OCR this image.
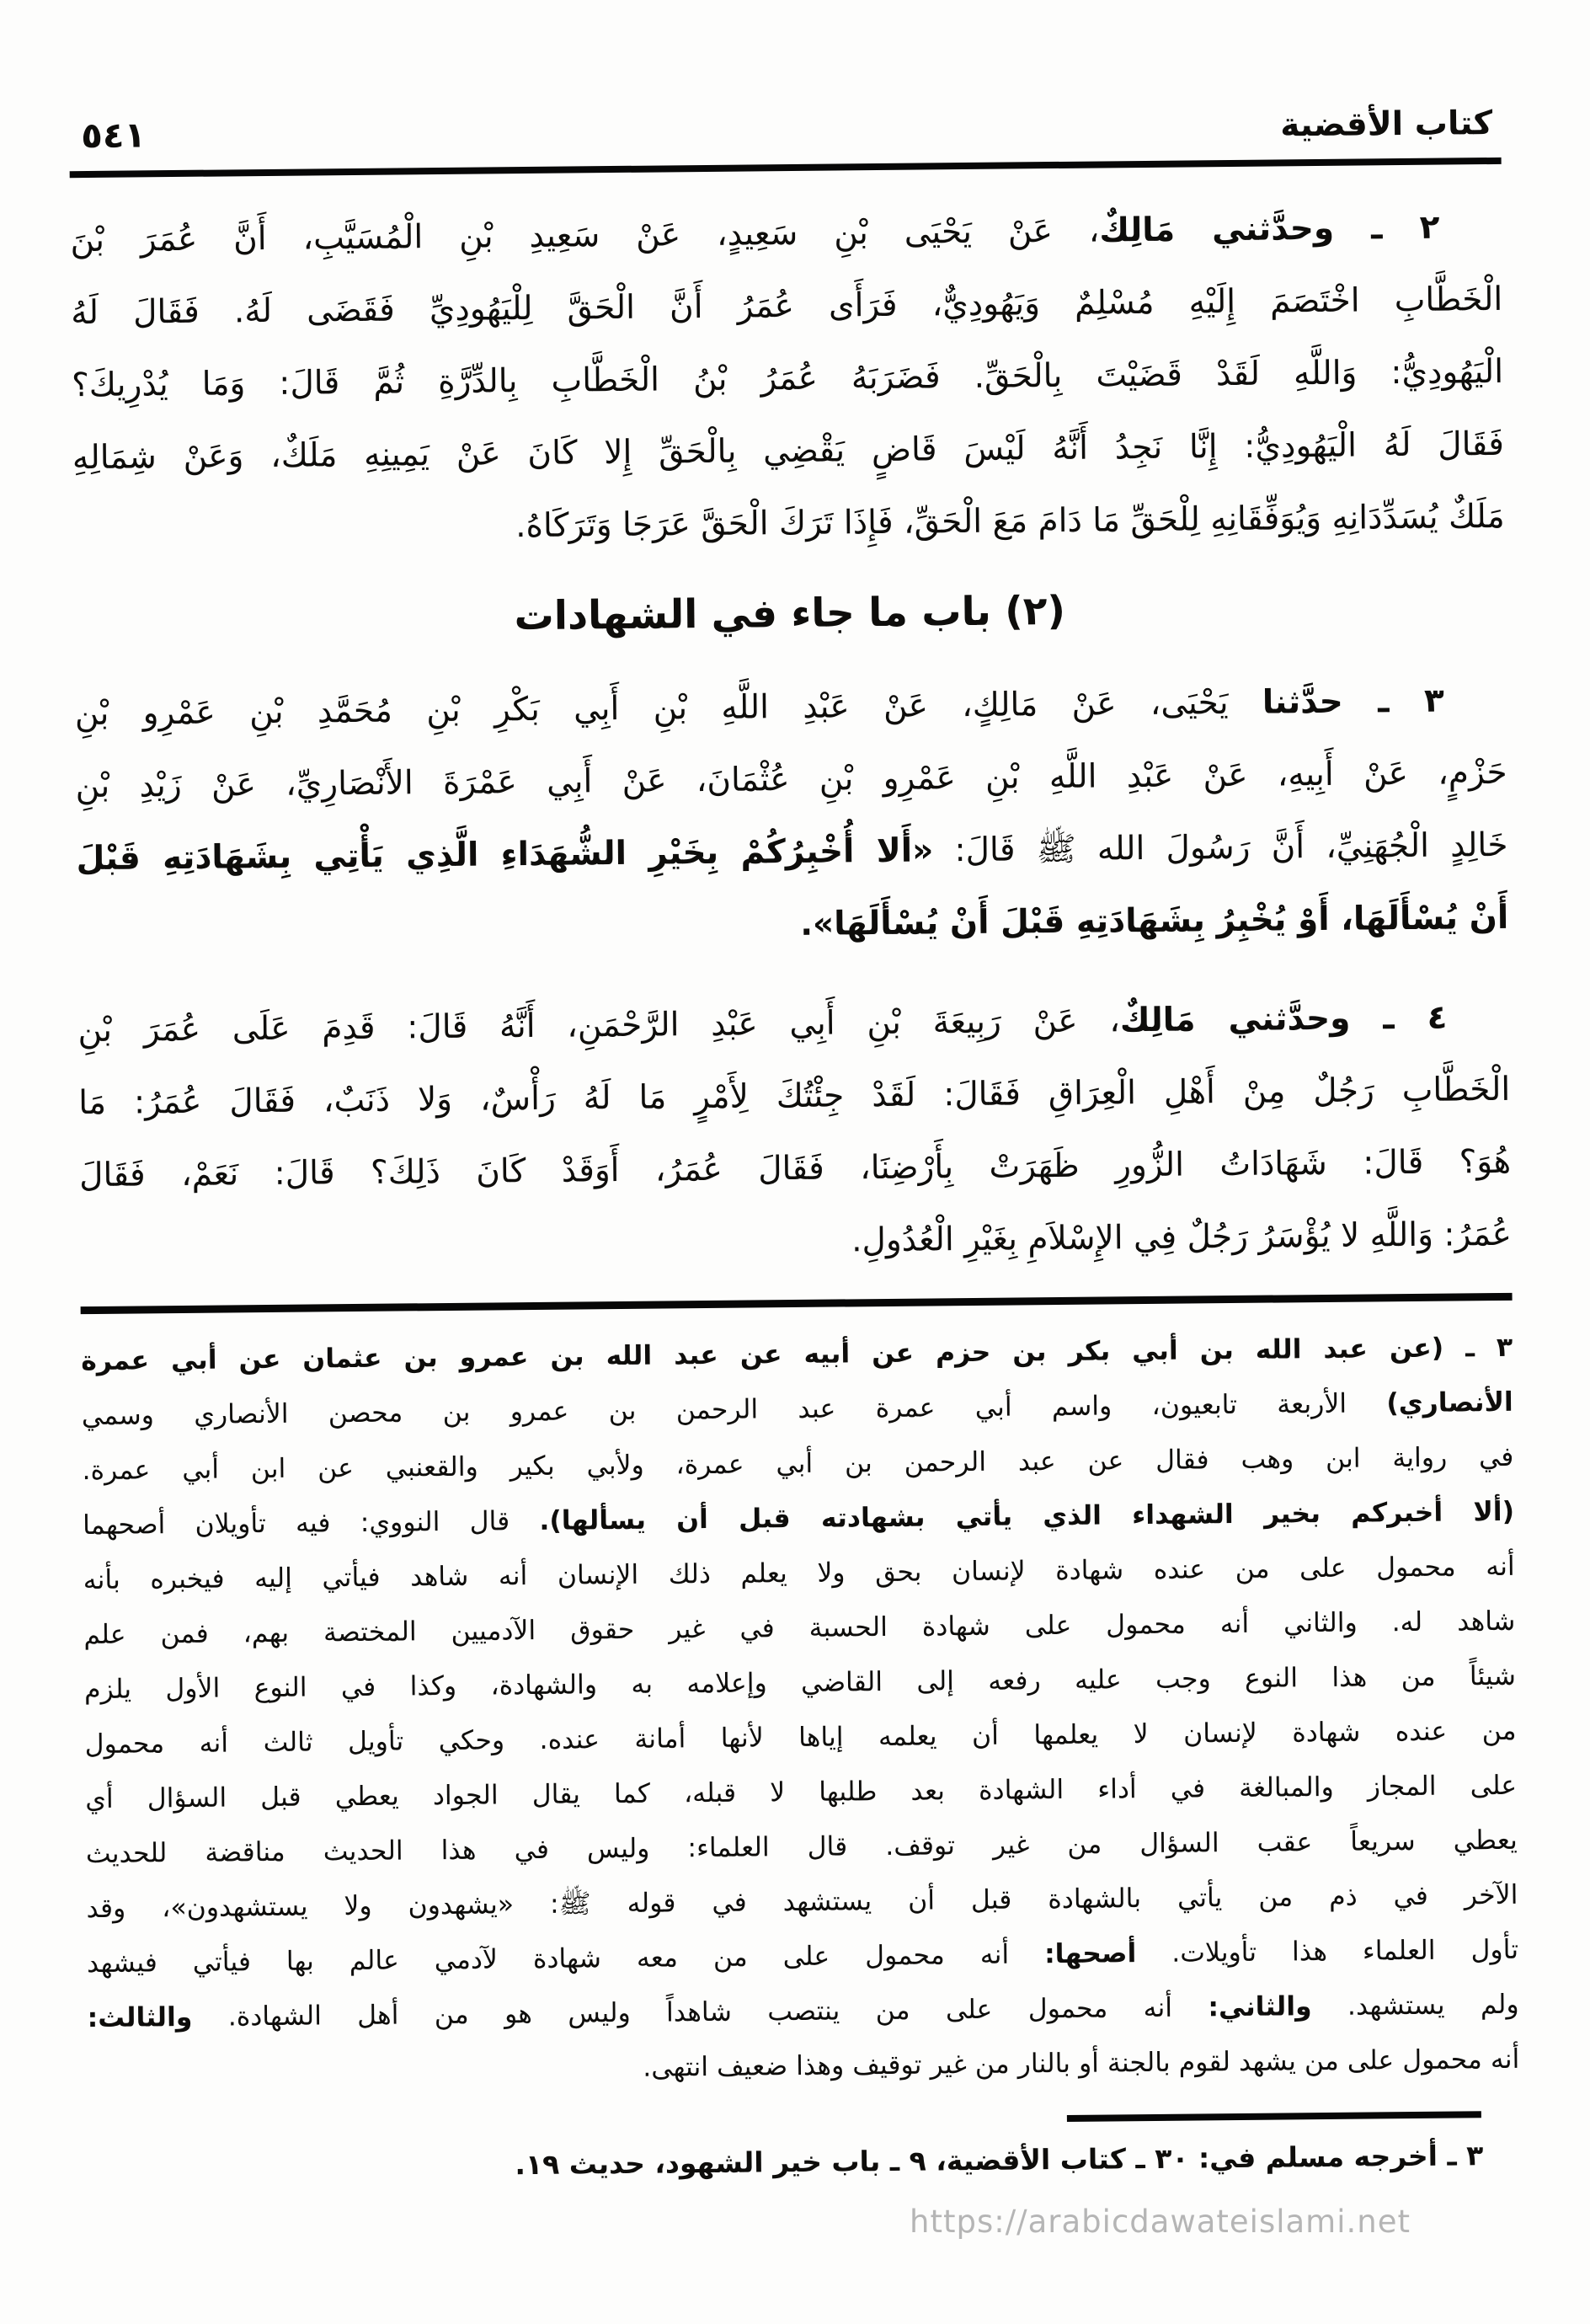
كتاب الأقضية
٥٤١
٢ ـ وحدَّثني مَالِكٌ، عَنْ يَحْيَى بْنِ سَعِيدٍ، عَنْ سَعِيدِ بْنِ الْمُسَيَّبِ، أَنَّ عُمَرَ بْنَ
الْخَطَّابِ اخْتَصَمَ إِلَيْهِ مُسْلِمٌ وَيَهُودِيٌّ، فَرَأَى عُمَرُ أَنَّ الْحَقَّ لِلْيَهُودِيِّ فَقَضَى لَهُ. فَقَالَ لَهُ
الْيَهُودِيُّ: وَاللَّهِ لَقَدْ قَضَيْتَ بِالْحَقِّ. فَضَرَبَهُ عُمَرُ بْنُ الْخَطَّابِ بِالدِّرَّةِ ثُمَّ قَالَ: وَمَا يُدْرِيكَ؟
فَقَالَ لَهُ الْيَهُودِيُّ: إِنَّا نَجِدُ أَنَّهُ لَيْسَ قَاضٍ يَقْضِي بِالْحَقِّ إِلا كَانَ عَنْ يَمِينِهِ مَلَكٌ، وَعَنْ شِمَالِهِ
مَلَكٌ يُسَدِّدَانِهِ وَيُوَفِّقَانِهِ لِلْحَقِّ مَا دَامَ مَعَ الْحَقِّ، فَإِذَا تَرَكَ الْحَقَّ عَرَجَا وَتَرَكَاهُ.
(٢) باب ما جاء في الشهادات
٣ ـ حدَّثنا يَحْيَى، عَنْ مَالِكٍ، عَنْ عَبْدِ اللَّهِ بْنِ أَبِي بَكْرِ بْنِ مُحَمَّدِ بْنِ عَمْرِو بْنِ
حَزْمٍ، عَنْ أَبِيهِ، عَنْ عَبْدِ اللَّهِ بْنِ عَمْرِو بْنِ عُثْمَانَ، عَنْ أَبِي عَمْرَةَ الأَنْصَارِيِّ، عَنْ زَيْدِ بْنِ
خَالِدٍ الْجُهَنِيِّ، أَنَّ رَسُولَ الله ﷺ قَالَ: «أَلا أُخْبِرُكُمْ بِخَيْرِ الشُّهَدَاءِ الَّذِي يَأْتِي بِشَهَادَتِهِ قَبْلَ
أَنْ يُسْأَلَهَا، أَوْ يُخْبِرُ بِشَهَادَتِهِ قَبْلَ أَنْ يُسْأَلَهَا».
٤ ـ وحدَّثني مَالِكٌ، عَنْ رَبِيعَةَ بْنِ أَبِي عَبْدِ الرَّحْمَنِ، أَنَّهُ قَالَ: قَدِمَ عَلَى عُمَرَ بْنِ
الْخَطَّابِ رَجُلٌ مِنْ أَهْلِ الْعِرَاقِ فَقَالَ: لَقَدْ جِئْتُكَ لِأَمْرٍ مَا لَهُ رَأْسٌ، وَلا ذَنَبٌ، فَقَالَ عُمَرُ: مَا
هُوَ؟ قَالَ: شَهَادَاتُ الزُّورِ ظَهَرَتْ بِأَرْضِنَا، فَقَالَ عُمَرُ، أَوَقَدْ كَانَ ذَلِكَ؟ قَالَ: نَعَمْ، فَقَالَ
عُمَرُ: وَاللَّهِ لا يُؤْسَرُ رَجُلٌ فِي الإِسْلاَمِ بِغَيْرِ الْعُدُولِ.
٣ ـ (عن عبد الله بن أبي بكر بن حزم عن أبيه عن عبد الله بن عمرو بن عثمان عن أبي عمرة
الأنصاري) الأربعة تابعيون، واسم أبي عمرة عبد الرحمن بن عمرو بن محصن الأنصاري وسمي
في رواية ابن وهب فقال عن عبد الرحمن بن أبي عمرة، ولأبي بكير والقعنبي عن ابن أبي عمرة.
(ألا أخبركم بخير الشهداء الذي يأتي بشهادته قبل أن يسألها). قال النووي: فيه تأويلان أصحهما
أنه محمول على من عنده شهادة لإنسان بحق ولا يعلم ذلك الإنسان أنه شاهد فيأتي إليه فيخبره بأنه
شاهد له. والثاني أنه محمول على شهادة الحسبة في غير حقوق الآدميين المختصة بهم، فمن علم
شيئاً من هذا النوع وجب عليه رفعه إلى القاضي وإعلامه به والشهادة، وكذا في النوع الأول يلزم
من عنده شهادة لإنسان لا يعلمها أن يعلمه إياها لأنها أمانة عنده. وحكي تأويل ثالث أنه محمول
على المجاز والمبالغة في أداء الشهادة بعد طلبها لا قبله، كما يقال الجواد يعطي قبل السؤال أي
يعطي سريعاً عقب السؤال من غير توقف. قال العلماء: وليس في هذا الحديث مناقضة للحديث
الآخر في ذم من يأتي بالشهادة قبل أن يستشهد في قوله ﷺ: «يشهدون ولا يستشهدون»، وقد
تأول العلماء هذا تأويلات. أصحها: أنه محمول على من معه شهادة لآدمي عالم بها فيأتي فيشهد
ولم يستشهد. والثاني: أنه محمول على من ينتصب شاهداً وليس هو من أهل الشهادة. والثالث:
أنه محمول على من يشهد لقوم بالجنة أو بالنار من غير توقيف وهذا ضعيف انتهى.
٣ ـ أخرجه مسلم في: ٣٠ ـ كتاب الأقضية، ٩ ـ باب خير الشهود، حديث ١٩.
https://arabicdawateislami.net
